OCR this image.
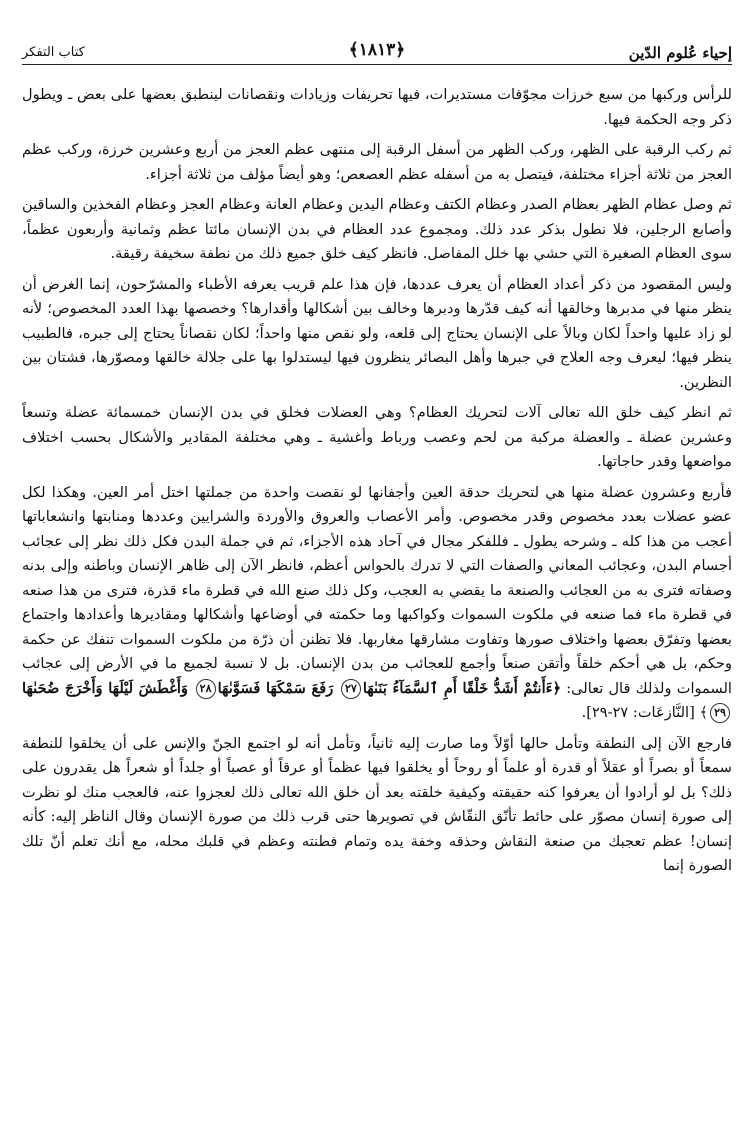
إحياء عُلوم الدّين
﴿١٨١٣﴾
كتاب التفكر

للرأس وركبها من سبع خرزات مجوّفات مستديرات، فيها تحريفات وزيادات ونقصانات لينطبق بعضها على بعض ـ ويطول ذكر وجه الحكمة فيها.

ثم ركب الرقبة على الظهر، وركب الظهر من أسفل الرقبة إلى منتهى عظم العجز من أربع وعشرين خرزة، وركب عظم العجز من ثلاثة أجزاء مختلفة، فيتصل به من أسفله عظم العصعص؛ وهو أيضاً مؤلف من ثلاثة أجزاء.

ثم وصل عظام الظهر بعظام الصدر وعظام الكتف وعظام اليدين وعظام العانة وعظام العجز وعظام الفخذين والساقين وأصابع الرجلين، فلا نطول بذكر عدد ذلك. ومجموع عدد العظام في بدن الإنسان مائتا عظم وثمانية وأربعون عظماً، سوى العظام الصغيرة التي حشي بها خلل المفاصل. فانظر كيف خلق جميع ذلك من نطفة سخيفة رقيقة.

وليس المقصود من ذكر أعداد العظام أن يعرف عددها، فإن هذا علم قريب يعرفه الأطباء والمشرّحون، إنما الغرض أن ينظر منها في مدبرها وخالقها أنه كيف قدّرها ودبرها وخالف بين أشكالها وأقدارها؟ وخصصها بهذا العدد المخصوص؛ لأنه لو زاد عليها واحداً لكان وبالاً على الإنسان يحتاج إلى قلعه، ولو نقص منها واحداً؛ لكان نقصاناً يحتاج إلى جبره، فالطبيب ينظر فيها؛ ليعرف وجه العلاج في جبرها وأهل البصائر ينظرون فيها ليستدلوا بها على جلالة خالقها ومصوّرها، فشتان بين النظرين.

ثم انظر كيف خلق الله تعالى آلات لتحريك العظام؟ وهي العضلات فخلق في بدن الإنسان خمسمائة عضلة وتسعاً وعشرين عضلة ـ والعضلة مركبة من لحم وعصب ورباط وأغشية ـ وهي مختلفة المقادير والأشكال بحسب اختلاف مواضعها وقدر حاجاتها.

فأربع وعشرون عضلة منها هي لتحريك حدقة العين وأجفانها لو نقصت واحدة من جملتها اختل أمر العين. وهكذا لكل عضو عضلات بعدد مخصوص وقدر مخصوص. وأمر الأعصاب والعروق والأوردة والشرايين وعددها ومنابتها وانشعاباتها أعجب من هذا كله ـ وشرحه يطول ـ فللفكر مجال في آحاد هذه الأجزاء، ثم في جملة البدن فكل ذلك نظر إلى عجائب أجسام البدن، وعجائب المعاني والصفات التي لا تدرك بالحواس أعظم، فانظر الآن إلى ظاهر الإنسان وباطنه وإلى بدنه وصفاته فترى به من العجائب والصنعة ما يقضي به العجب، وكل ذلك صنع الله في قطرة ماء قذرة، فترى من هذا صنعه في قطرة ماء فما صنعه في ملكوت السموات وكواكبها وما حكمته في أوضاعها وأشكالها ومقاديرها وأعدادها واجتماع بعضها وتفرّق بعضها واختلاف صورها وتفاوت مشارقها مغاربها. فلا تظنن أن ذرّة من ملكوت السموات تنفك عن حكمة وحكم، بل هي أحكم خلقاً وأتقن صنعاً وأجمع للعجائب من بدن الإنسان. بل لا نسبة لجميع ما في الأرض إلى عجائب السموات ولذلك قال تعالى: ﴿ءَأَنتُمْ أَشَدُّ خَلْقًا أَمِ ٱلسَّمَآءُ بَنَىٰهَا٢٧ رَفَعَ سَمْكَهَا فَسَوَّىٰهَا٢٨ وَأَغْطَشَ لَيْلَهَا وَأَخْرَجَ ضُحَىٰهَا٢٩﴾ [النَّازعَات: ٢٧-٢٩].

فارجع الآن إلى النطفة وتأمل حالها أوّلاً وما صارت إليه ثانياً، وتأمل أنه لو اجتمع الجنّ والإنس على أن يخلقوا للنطفة سمعاً أو بصراً أو عقلاً أو قدرة أو علماً أو روحاً أو يخلقوا فيها عظماً أو عرقاً أو عصباً أو جلداً أو شعراً هل يقدرون على ذلك؟ بل لو أرادوا أن يعرفوا كنه حقيقته وكيفية خلقته بعد أن خلق الله تعالى ذلك لعجزوا عنه، فالعجب منك لو نظرت إلى صورة إنسان مصوّر على حائط تأنّق النقّاش في تصويرها حتى قرب ذلك من صورة الإنسان وقال الناظر إليه: كأنه إنسان! عظم تعجبك من صنعة النقاش وحذقه وخفة يده وتمام فطنته وعظم في قلبك محله، مع أنك تعلم أنّ تلك الصورة إنما
